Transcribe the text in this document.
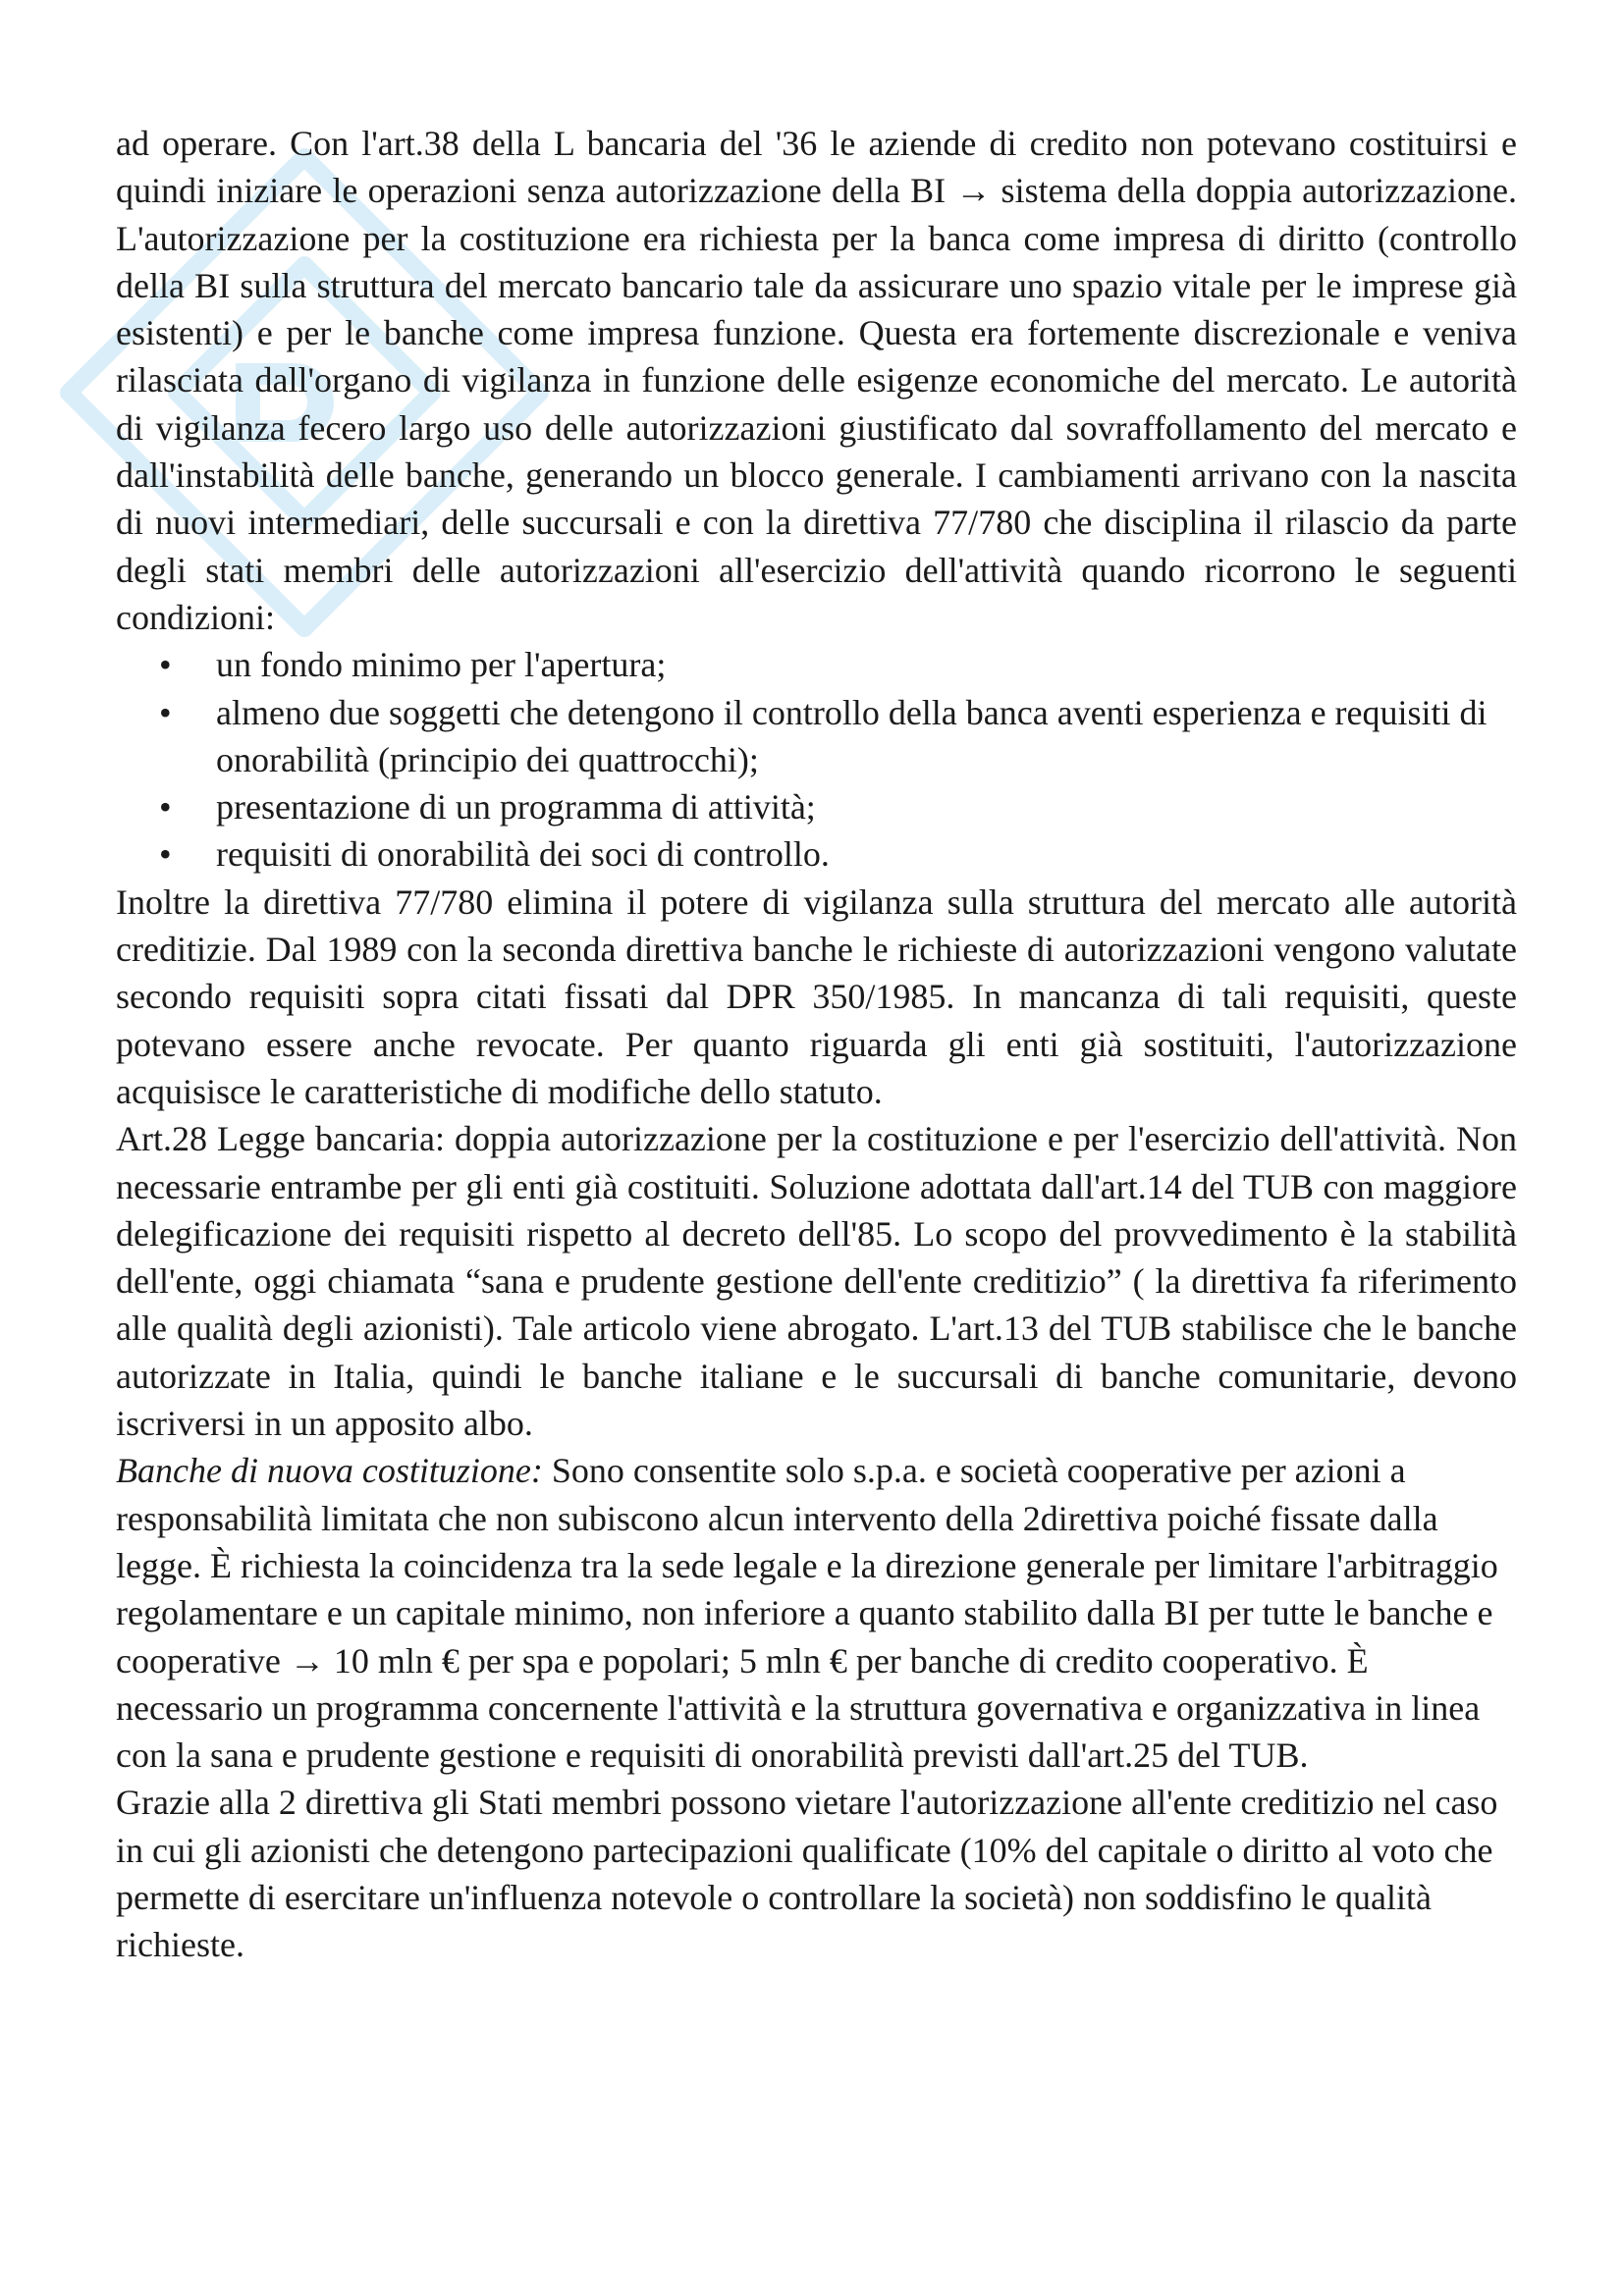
ad operare. Con l'art.38 della L bancaria del '36 le aziende di credito non potevano costituirsi e quindi iniziare le operazioni senza autorizzazione della BI → sistema della doppia autorizzazione. L'autorizzazione per la costituzione era richiesta per la banca come impresa di diritto (controllo della BI sulla struttura del mercato bancario tale da assicurare uno spazio vitale per le imprese già esistenti) e per le banche come impresa funzione. Questa era fortemente discrezionale e veniva rilasciata dall'organo di vigilanza in funzione delle esigenze economiche del mercato. Le autorità di vigilanza fecero largo uso delle autorizzazioni giustificato dal sovraffollamento del mercato e dall'instabilità delle banche, generando un blocco generale. I cambiamenti arrivano con la nascita di nuovi intermediari, delle succursali e con la direttiva 77/780 che disciplina il rilascio da parte degli stati membri delle autorizzazioni all'esercizio dell'attività quando ricorrono le seguenti condizioni:

• un fondo minimo per l'apertura;
• almeno due soggetti che detengono il controllo della banca aventi esperienza e requisiti di onorabilità (principio dei quattrocchi);
• presentazione di un programma di attività;
• requisiti di onorabilità dei soci di controllo.

Inoltre la direttiva 77/780 elimina il potere di vigilanza sulla struttura del mercato alle autorità creditizie. Dal 1989 con la seconda direttiva banche le richieste di autorizzazioni vengono valutate secondo requisiti sopra citati fissati dal DPR 350/1985. In mancanza di tali requisiti, queste potevano essere anche revocate. Per quanto riguarda gli enti già sostituiti, l'autorizzazione acquisisce le caratteristiche di modifiche dello statuto.

Art.28 Legge bancaria: doppia autorizzazione per la costituzione e per l'esercizio dell'attività. Non necessarie entrambe per gli enti già costituiti. Soluzione adottata dall'art.14 del TUB con maggiore delegificazione dei requisiti rispetto al decreto dell'85. Lo scopo del provvedimento è la stabilità dell'ente, oggi chiamata “sana e prudente gestione dell'ente creditizio” ( la direttiva fa riferimento alle qualità degli azionisti). Tale articolo viene abrogato. L'art.13 del TUB stabilisce che le banche autorizzate in Italia, quindi le banche italiane e le succursali di banche comunitarie, devono iscriversi in un apposito albo.

Banche di nuova costituzione: Sono consentite solo s.p.a. e società cooperative per azioni a responsabilità limitata che non subiscono alcun intervento della 2direttiva poiché fissate dalla legge. È richiesta la coincidenza tra la sede legale e la direzione generale per limitare l'arbitraggio regolamentare e un capitale minimo, non inferiore a quanto stabilito dalla BI per tutte le banche e cooperative → 10 mln € per spa e popolari; 5 mln € per banche di credito cooperativo. È necessario un programma concernente l'attività e la struttura governativa e organizzativa in linea con la sana e prudente gestione e requisiti di onorabilità previsti dall'art.25 del TUB.

Grazie alla 2 direttiva gli Stati membri possono vietare l'autorizzazione all'ente creditizio nel caso in cui gli azionisti che detengono partecipazioni qualificate (10% del capitale o diritto al voto che permette di esercitare un'influenza notevole o controllare la società) non soddisfino le qualità richieste.
